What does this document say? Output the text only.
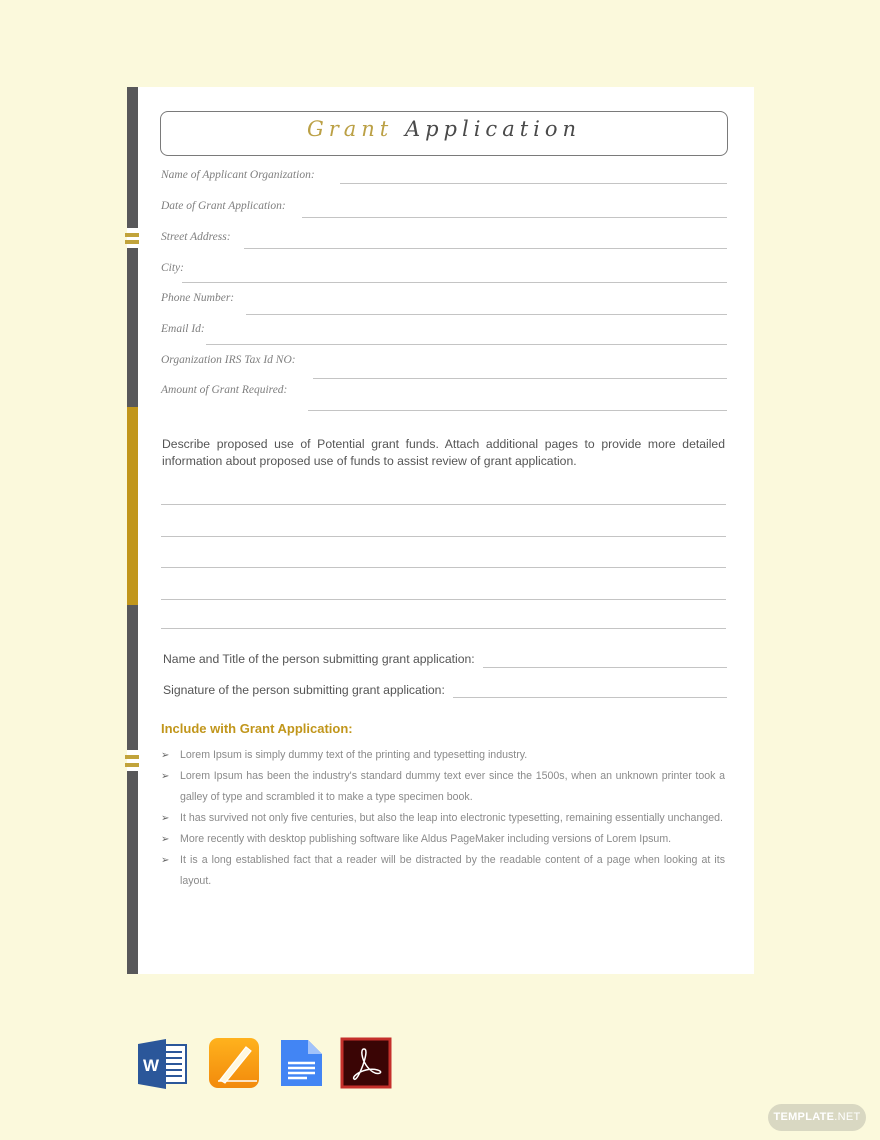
Grant Application
Name of Applicant Organization:
Date of Grant Application:
Street Address:
City:
Phone Number:
Email Id:
Organization IRS Tax Id NO:
Amount of Grant Required:

Describe proposed use of Potential grant funds. Attach additional pages to provide more detailed information about proposed use of funds to assist review of grant application.

Name and Title of the person submitting grant application:
Signature of the person submitting grant application:
Include with Grant Application:
➢ Lorem Ipsum is simply dummy text of the printing and typesetting industry.
➢ Lorem Ipsum has been the industry's standard dummy text ever since the 1500s, when an unknown printer took a galley of type and scrambled it to make a type specimen book.
➢ It has survived not only five centuries, but also the leap into electronic typesetting, remaining essentially unchanged.
➢ More recently with desktop publishing software like Aldus PageMaker including versions of Lorem Ipsum.
➢ It is a long established fact that a reader will be distracted by the readable content of a page when looking at its layout.
W
TEMPLATE.NET
